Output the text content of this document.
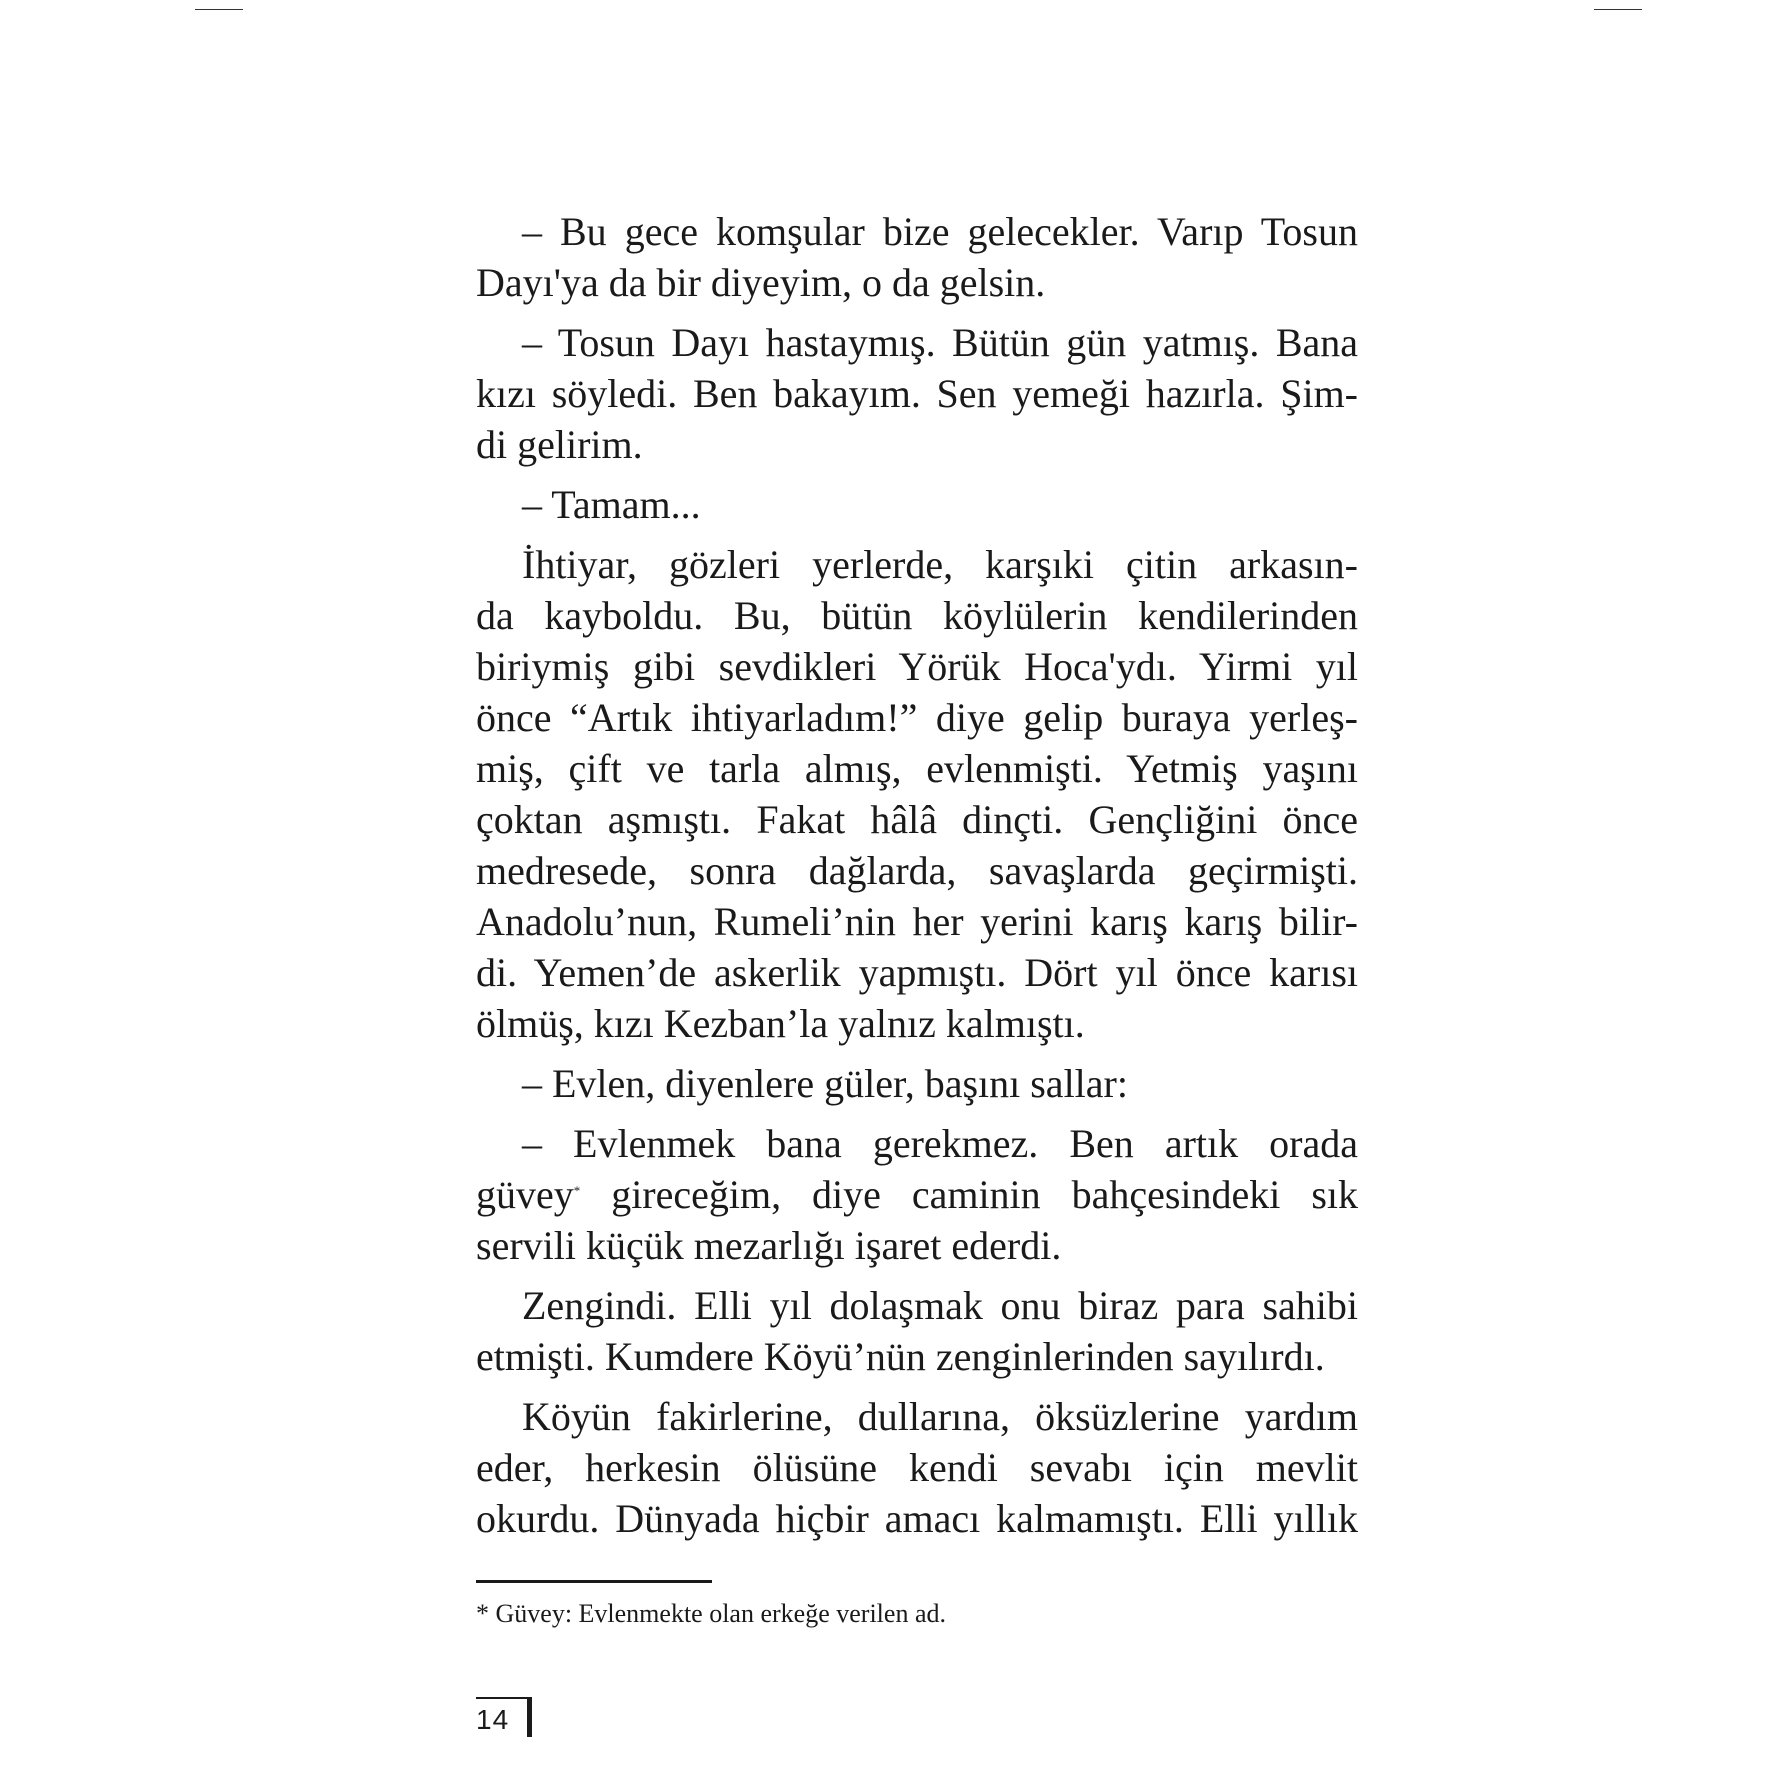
– Bu gece komşular bize gelecekler. Varıp Tosun
Dayı'ya da bir diyeyim, o da gelsin.

– Tosun Dayı hastaymış. Bütün gün yatmış. Bana
kızı söyledi. Ben bakayım. Sen yemeği hazırla. Şim-
di gelirim.

– Tamam...

İhtiyar, gözleri yerlerde, karşıki çitin arkasın-
da kayboldu. Bu, bütün köylülerin kendilerinden
biriymiş gibi sevdikleri Yörük Hoca'ydı. Yirmi yıl
önce “Artık ihtiyarladım!” diye gelip buraya yerleş-
miş, çift ve tarla almış, evlenmişti. Yetmiş yaşını
çoktan aşmıştı. Fakat hâlâ dinçti. Gençliğini önce
medresede, sonra dağlarda, savaşlarda geçirmişti.
Anadolu’nun, Rumeli’nin her yerini karış karış bilir-
di. Yemen’de askerlik yapmıştı. Dört yıl önce karısı
ölmüş, kızı Kezban’la yalnız kalmıştı.

– Evlen, diyenlere güler, başını sallar:

– Evlenmek bana gerekmez. Ben artık orada
güvey* gireceğim, diye caminin bahçesindeki sık
servili küçük mezarlığı işaret ederdi.

Zengindi. Elli yıl dolaşmak onu biraz para sahibi
etmişti. Kumdere Köyü’nün zenginlerinden sayılırdı.

Köyün fakirlerine, dullarına, öksüzlerine yardım
eder, herkesin ölüsüne kendi sevabı için mevlit
okurdu. Dünyada hiçbir amacı kalmamıştı. Elli yıllık

* Güvey: Evlenmekte olan erkeğe verilen ad.
14
